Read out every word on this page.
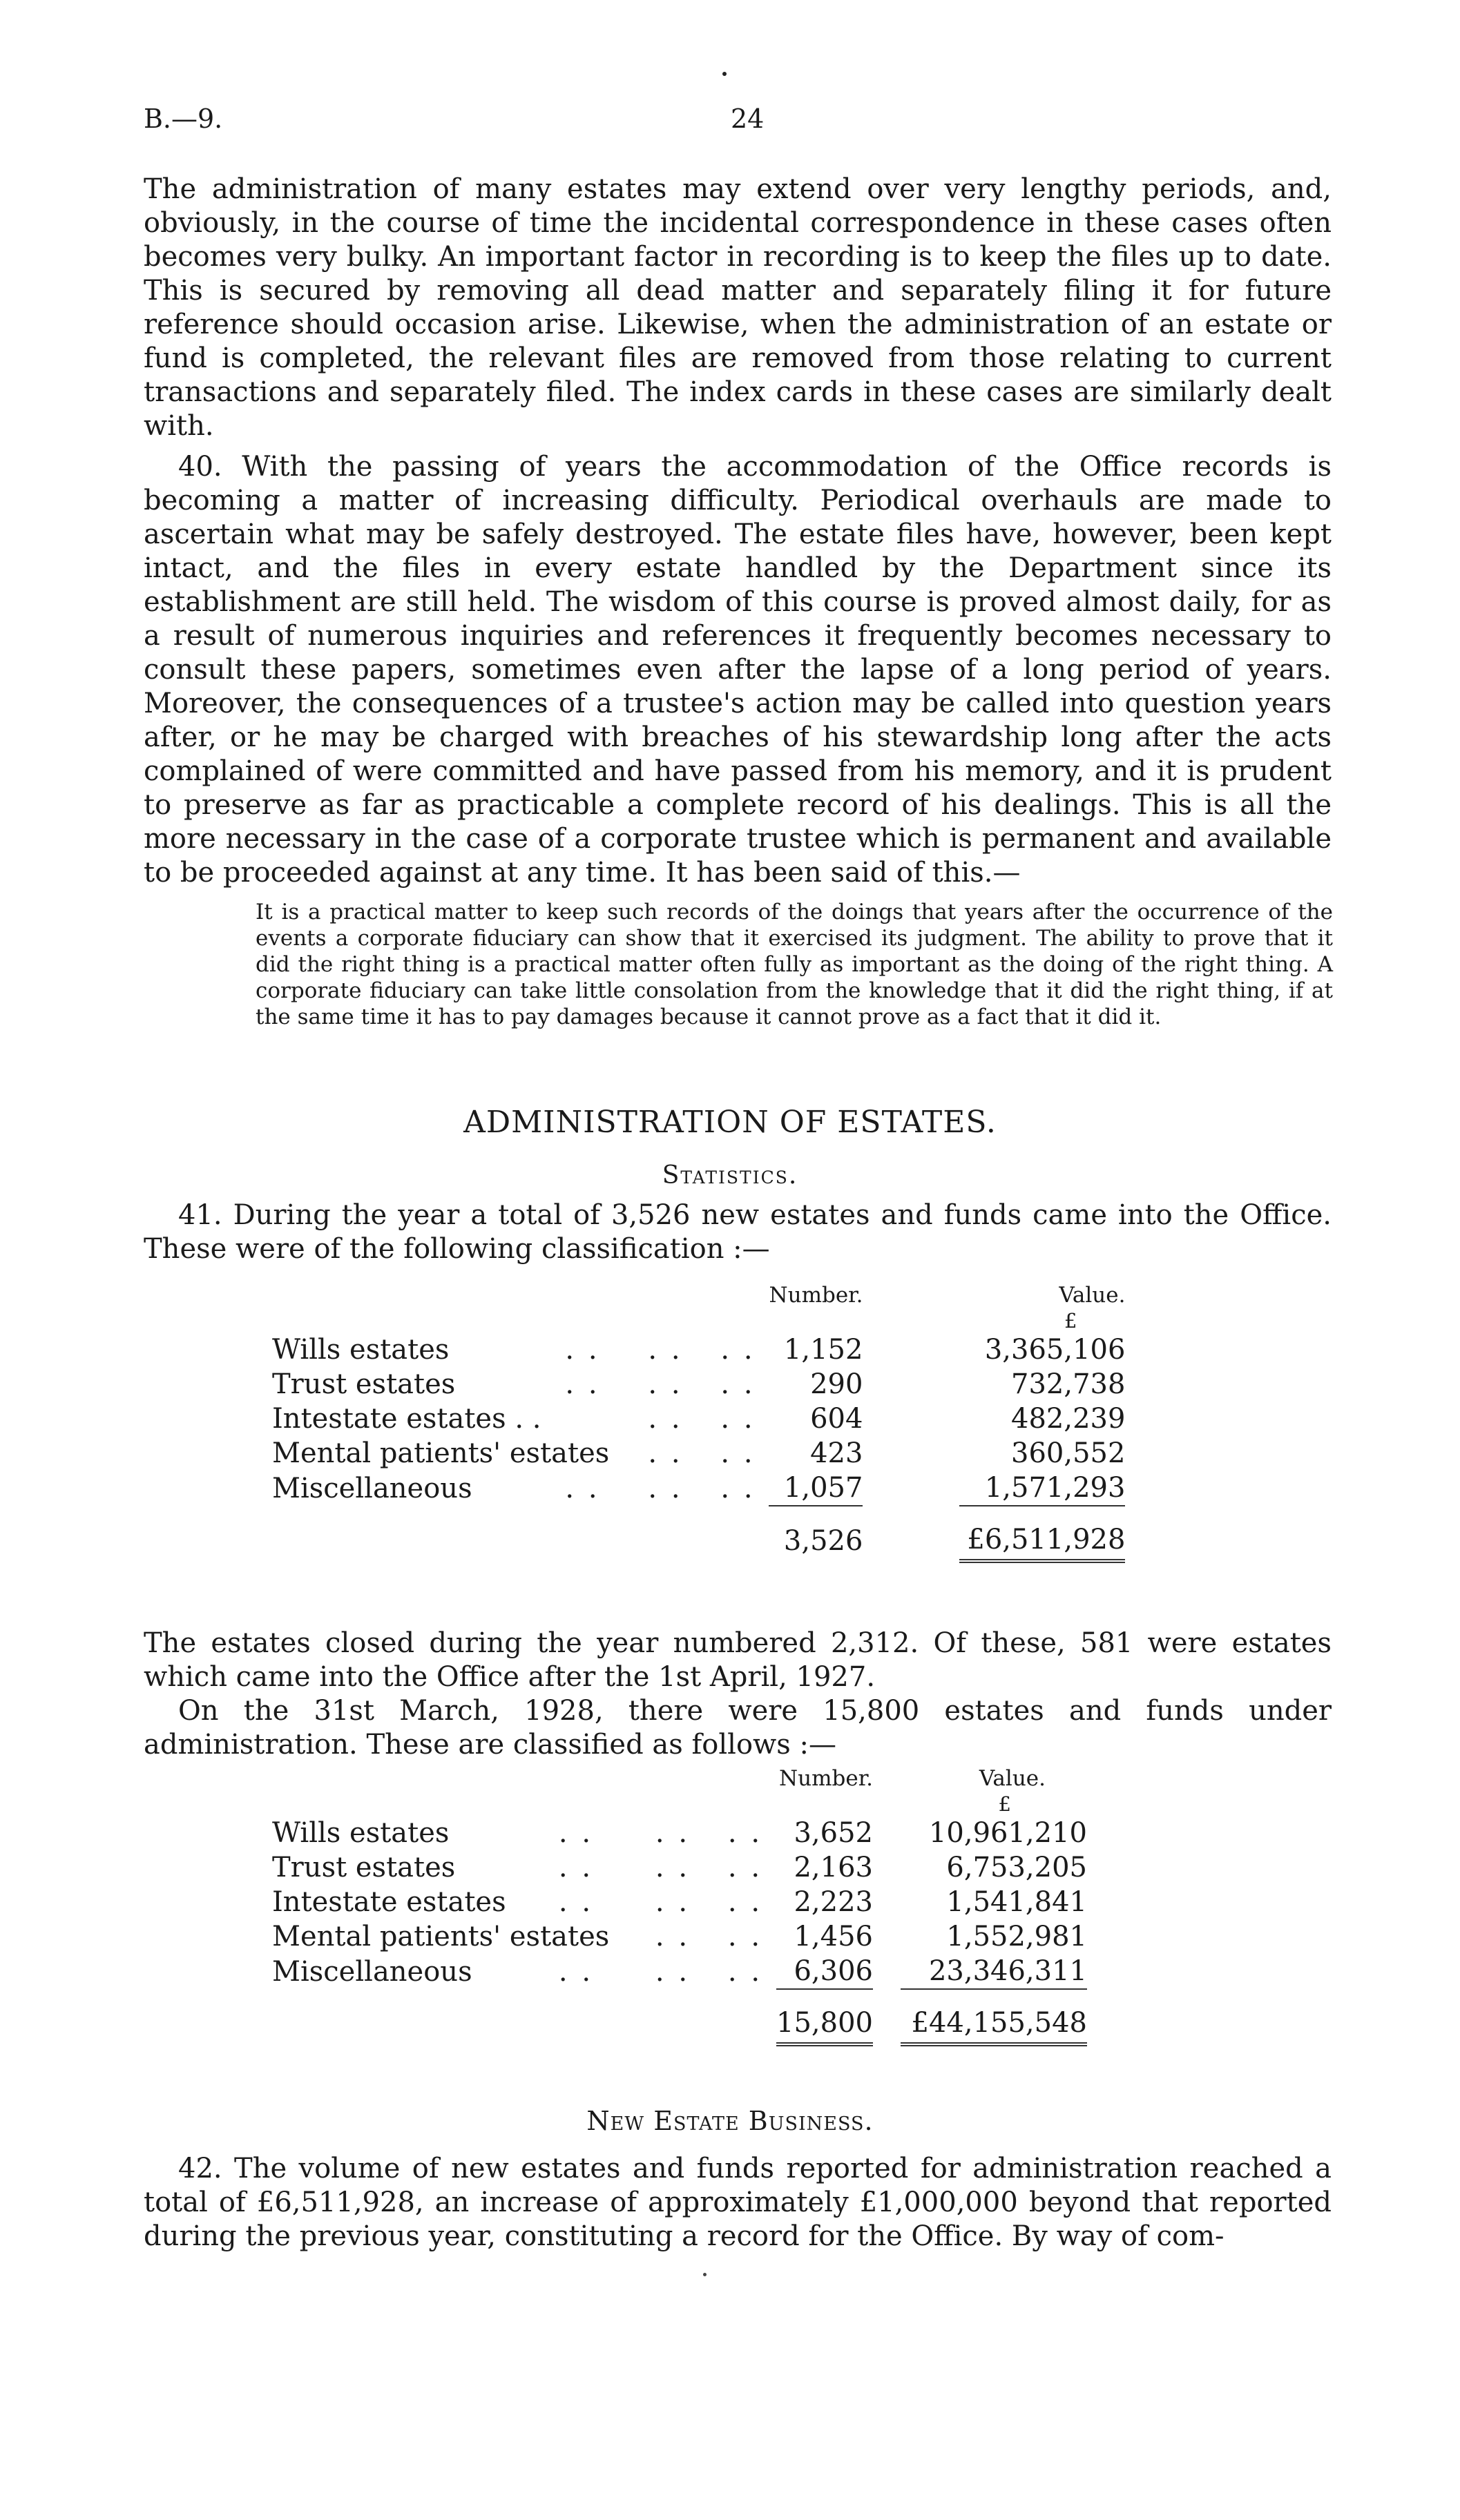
B.—9.	24

The administration of many estates may extend over very lengthy periods, and, obviously, in the course of time the incidental correspondence in these cases often becomes very bulky. An important factor in recording is to keep the files up to date. This is secured by removing all dead matter and separately filing it for future reference should occasion arise. Likewise, when the administration of an estate or fund is completed, the relevant files are removed from those relating to current transactions and separately filed. The index cards in these cases are similarly dealt with.

40. With the passing of years the accommodation of the Office records is becoming a matter of increasing difficulty. Periodical overhauls are made to ascertain what may be safely destroyed. The estate files have, however, been kept intact, and the files in every estate handled by the Department since its establishment are still held. The wisdom of this course is proved almost daily, for as a result of numerous inquiries and references it frequently becomes necessary to consult these papers, sometimes even after the lapse of a long period of years. Moreover, the consequences of a trustee's action may be called into question years after, or he may be charged with breaches of his stewardship long after the acts complained of were committed and have passed from his memory, and it is prudent to preserve as far as practicable a complete record of his dealings. This is all the more necessary in the case of a corporate trustee which is permanent and available to be proceeded against at any time. It has been said of this.—

It is a practical matter to keep such records of the doings that years after the occurrence of the events a corporate fiduciary can show that it exercised its judgment. The ability to prove that it did the right thing is a practical matter often fully as important as the doing of the right thing. A corporate fiduciary can take little consolation from the knowledge that it did the right thing, if at the same time it has to pay damages because it cannot prove as a fact that it did it.
ADMINISTRATION OF ESTATES.
Statistics.

41. During the year a total of 3,526 new estates and funds came into the Office. These were of the following classification :—

				Number.		Value.
						£
Wills estates	. .	. .	. .	1,152		3,365,106
Trust estates	. .	. .	. .	290		732,738
Intestate estates . .		. .	. .	604		482,239
Mental patients' estates		. .	. .	423		360,552
Miscellaneous	. .	. .	. .	1,057		1,571,293
				3,526		£6,511,928

The estates closed during the year numbered 2,312. Of these, 581 were estates which came into the Office after the 1st April, 1927.

On the 31st March, 1928, there were 15,800 estates and funds under administration. These are classified as follows :—

				Number.		Value.
						£
Wills estates	. .	. .	. .	3,652		10,961,210
Trust estates	. .	. .	. .	2,163		6,753,205
Intestate estates	. .	. .	. .	2,223		1,541,841
Mental patients' estates		. .	. .	1,456		1,552,981
Miscellaneous	. .	. .	. .	6,306		23,346,311
				15,800		£44,155,548
New Estate Business.

42. The volume of new estates and funds reported for administration reached a total of £6,511,928, an increase of approximately £1,000,000 beyond that reported during the previous year, constituting a record for the Office. By way of com-
